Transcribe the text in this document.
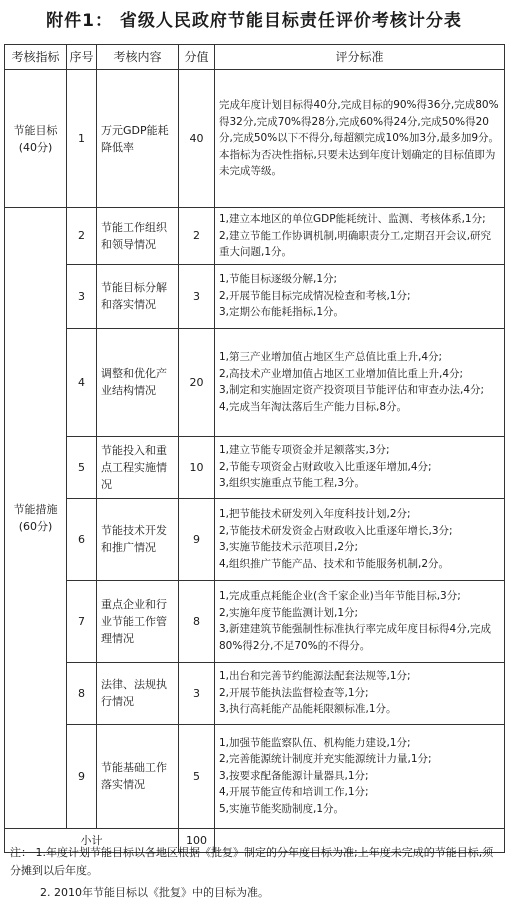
附件1： 省级人民政府节能目标责任评价考核计分表
考核指标	序号	考核内容	分值	评分标准
节能目标
(40分)	1	万元GDP能耗降低率	40	完成年度计划目标得40分,完成目标的90%得36分,完成80%得32分,完成70%得28分,完成60%得24分,完成50%得20分,完成50%以下不得分,每超额完成10%加3分,最多加9分。本指标为否决性指标,只要未达到年度计划确定的目标值即为未完成等级。

节能措施
(60分)	2	节能工作组织和领导情况	2	1,建立本地区的单位GDP能耗统计、监测、考核体系,1分;
2,建立节能工作协调机制,明确职责分工,定期召开会议,研究重大问题,1分。

	3	节能目标分解和落实情况	3	1,节能目标逐级分解,1分;
2,开展节能目标完成情况检查和考核,1分;
3,定期公布能耗指标,1分。

	4	调整和优化产业结构情况	20	1,第三产业增加值占地区生产总值比重上升,4分;
2,高技术产业增加值占地区工业增加值比重上升,4分;
3,制定和实施固定资产投资项目节能评估和审查办法,4分;
4,完成当年淘汰落后生产能力目标,8分。

	5	节能投入和重点工程实施情况	10	1,建立节能专项资金并足额落实,3分;
2,节能专项资金占财政收入比重逐年增加,4分;
3,组织实施重点节能工程,3分。

	6	节能技术开发和推广情况	9	1,把节能技术研发列入年度科技计划,2分;
2,节能技术研发资金占财政收入比重逐年增长,3分;
3,实施节能技术示范项目,2分;
4,组织推广节能产品、技术和节能服务机制,2分。

	7	重点企业和行业节能工作管理情况	8	1,完成重点耗能企业(含千家企业)当年节能目标,3分;
2,实施年度节能监测计划,1分;
3,新建建筑节能强制性标准执行率完成年度目标得4分,完成80%得2分,不足70%的不得分。

	8	法律、法规执行情况	3	1,出台和完善节约能源法配套法规等,1分;
2,开展节能执法监督检查等,1分;
3,执行高耗能产品能耗限额标准,1分。

	9	节能基础工作落实情况	5	1,加强节能监察队伍、机构能力建设,1分;
2,完善能源统计制度并充实能源统计力量,1分;
3,按要求配备能源计量器具,1分;
4,开展节能宣传和培训工作,1分;
5,实施节能奖励制度,1分。

小计			100	
注： 1.年度计划节能目标以各地区根据《批复》制定的分年度目标为准;上年度未完成的节能目标,须分摊到以后年度。
2. 2010年节能目标以《批复》中的目标为准。
